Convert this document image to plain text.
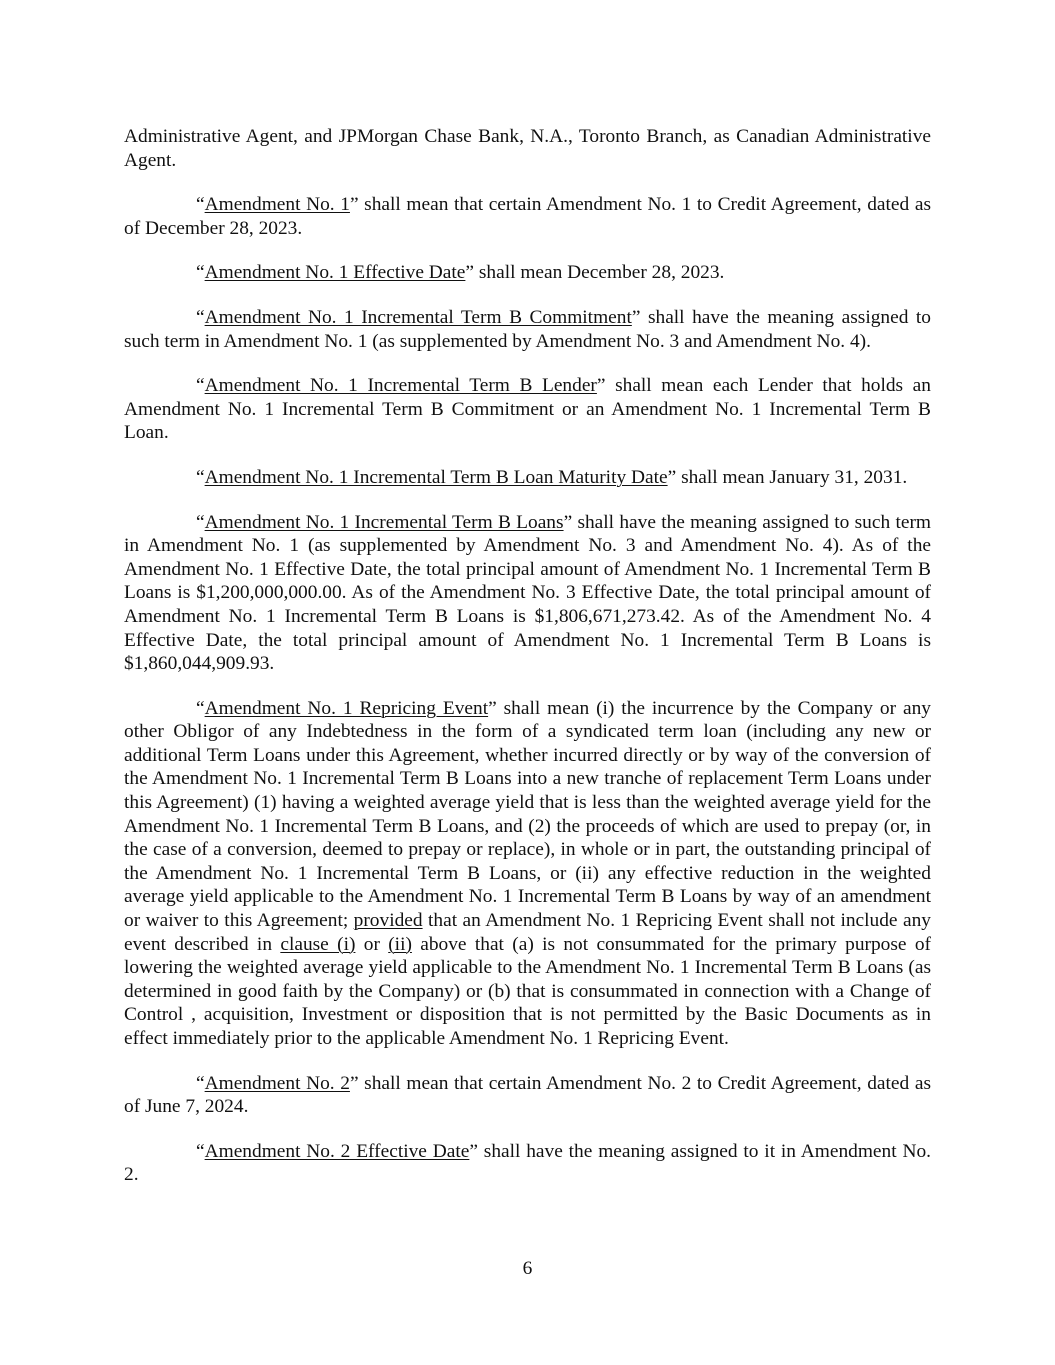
Administrative Agent, and JPMorgan Chase Bank, N.A., Toronto Branch, as Canadian Administrative Agent.

“Amendment No. 1” shall mean that certain Amendment No. 1 to Credit Agreement, dated as of December 28, 2023.

“Amendment No. 1 Effective Date” shall mean December 28, 2023.

“Amendment No. 1 Incremental Term B Commitment” shall have the meaning assigned to such term in Amendment No. 1 (as supplemented by Amendment No. 3 and Amendment No. 4).

“Amendment No. 1 Incremental Term B Lender” shall mean each Lender that holds an Amendment No. 1 Incremental Term B Commitment or an Amendment No. 1 Incremental Term B Loan.

“Amendment No. 1 Incremental Term B Loan Maturity Date” shall mean January 31, 2031.

“Amendment No. 1 Incremental Term B Loans” shall have the meaning assigned to such term in Amendment No. 1 (as supplemented by Amendment No. 3 and Amendment No. 4). As of the Amendment No. 1 Effective Date, the total principal amount of Amendment No. 1 Incremental Term B Loans is $1,200,000,000.00. As of the Amendment No. 3 Effective Date, the total principal amount of Amendment No. 1 Incremental Term B Loans is $1,806,671,273.42. As of the Amendment No. 4 Effective Date, the total principal amount of Amendment No. 1 Incremental Term B Loans is $1,860,044,909.93.

“Amendment No. 1 Repricing Event” shall mean (i) the incurrence by the Company or any other Obligor of any Indebtedness in the form of a syndicated term loan (including any new or additional Term Loans under this Agreement, whether incurred directly or by way of the conversion of the Amendment No. 1 Incremental Term B Loans into a new tranche of replacement Term Loans under this Agreement) (1) having a weighted average yield that is less than the weighted average yield for the Amendment No. 1 Incremental Term B Loans, and (2) the proceeds of which are used to prepay (or, in the case of a conversion, deemed to prepay or replace), in whole or in part, the outstanding principal of the Amendment No. 1 Incremental Term B Loans, or (ii) any effective reduction in the weighted average yield applicable to the Amendment No. 1 Incremental Term B Loans by way of an amendment or waiver to this Agreement; provided that an Amendment No. 1 Repricing Event shall not include any event described in clause (i) or (ii) above that (a) is not consummated for the primary purpose of lowering the weighted average yield applicable to the Amendment No. 1 Incremental Term B Loans (as determined in good faith by the Company) or (b) that is consummated in connection with a Change of Control , acquisition, Investment or disposition that is not permitted by the Basic Documents as in effect immediately prior to the applicable Amendment No. 1 Repricing Event.

“Amendment No. 2” shall mean that certain Amendment No. 2 to Credit Agreement, dated as of June 7, 2024.

“Amendment No. 2 Effective Date” shall have the meaning assigned to it in Amendment No. 2.

6
